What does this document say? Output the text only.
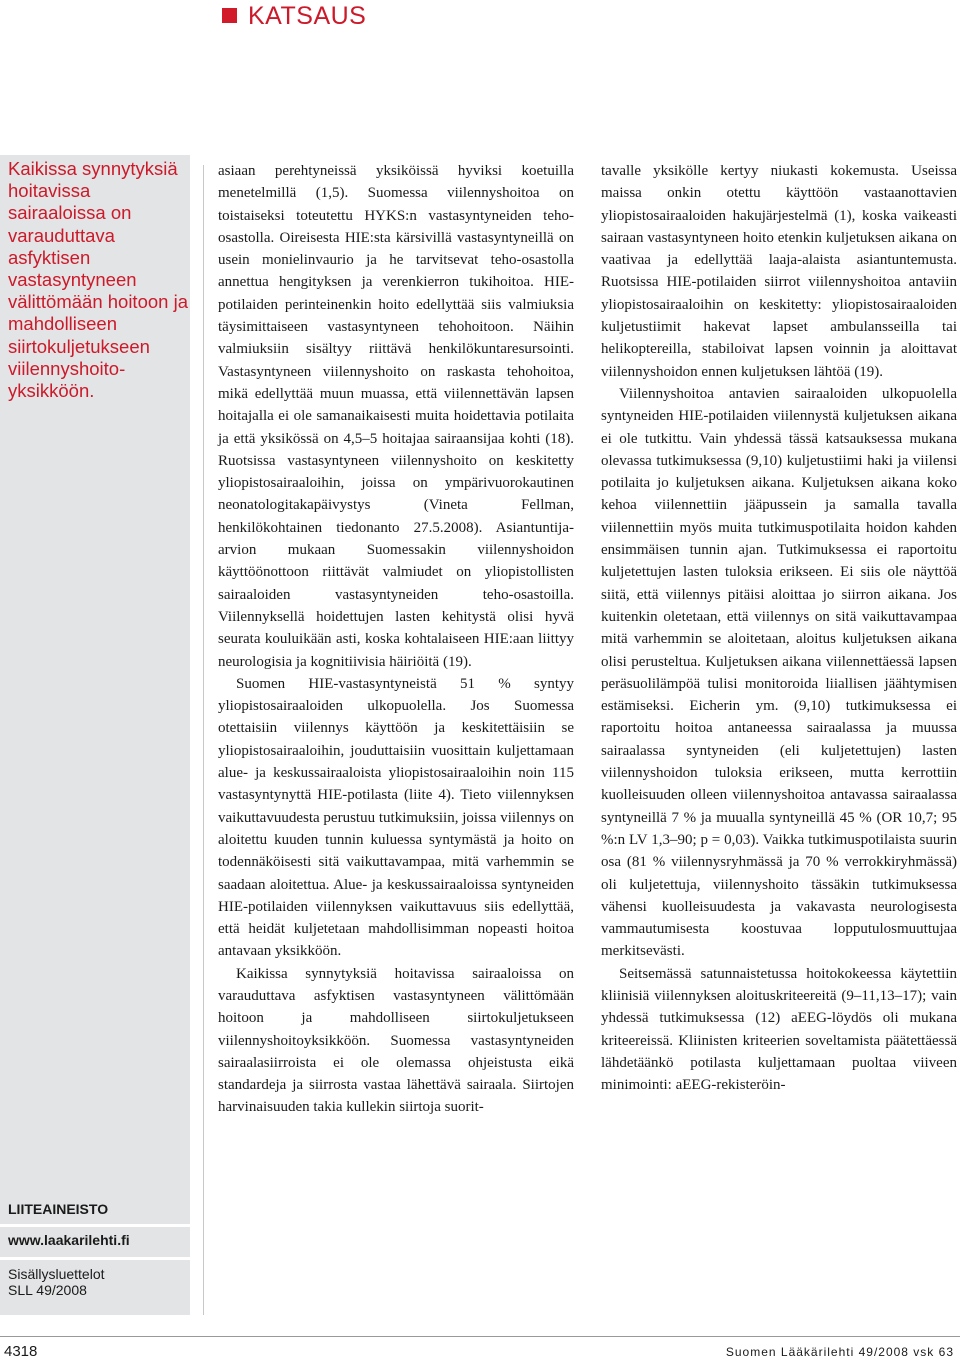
KATSAUS

Kaikissa synnytyksiä hoitavissa sairaaloissa on varauduttava asfyktisen vastasyntyneen välittömään hoitoon ja mahdolliseen siirtokuljetukseen viilennyshoitoyksikköön.

LIITEAINEISTO
www.laakarilehti.fi
Sisällysluettelot
SLL 49/2008

asiaan perehtyneissä yksiköissä hyviksi koetuilla menetelmillä (1,5). Suomessa viilennyshoitoa on toistaiseksi toteutettu HYKS:n vastasyntyneiden teho-osastolla. Oireisesta HIE:sta kärsivillä vastasyntyneillä on usein monielinvaurio ja he tarvitsevat teho-osastolla annettua hengityksen ja verenkierron tukihoitoa. HIE-potilaiden perinteinenkin hoito edellyttää siis valmiuksia täysimittaiseen vastasyntyneen tehohoitoon. Näihin valmiuksiin sisältyy riittävä henkilökuntaresursointi. Vastasyntyneen viilennyshoito on raskasta tehohoitoa, mikä edellyttää muun muassa, että viilennettävän lapsen hoitajalla ei ole samanaikaisesti muita hoidettavia potilaita ja että yksikössä on 4,5–5 hoitajaa sairaansijaa kohti (18). Ruotsissa vastasyntyneen viilennyshoito on keskitetty yliopistosairaaloihin, joissa on ympärivuorokautinen neonatologitakapäivystys (Vineta Fellman, henkilökohtainen tiedonanto 27.5.2008). Asiantuntija-arvion mukaan Suomessakin viilennyshoidon käyttöönottoon riittävät valmiudet on yliopistollisten sairaaloiden vastasyntyneiden teho-osastoilla. Viilennyksellä hoidettujen lasten kehitystä olisi hyvä seurata kouluikään asti, koska kohtalaiseen HIE:aan liittyy neurologisia ja kognitiivisia häiriöitä (19).

Suomen HIE-vastasyntyneistä 51 % syntyy yliopistosairaaloiden ulkopuolella. Jos Suomessa otettaisiin viilennys käyttöön ja keskitettäisiin se yliopistosairaaloihin, jouduttaisiin vuosittain kuljettamaan alue- ja keskussairaaloista yliopistosairaaloihin noin 115 vastasyntynyttä HIE-potilasta (liite 4). Tieto viilennyksen vaikuttavuudesta perustuu tutkimuksiin, joissa viilennys on aloitettu kuuden tunnin kuluessa syntymästä ja hoito on todennäköisesti sitä vaikuttavampaa, mitä varhemmin se saadaan aloitettua. Alue- ja keskussairaaloissa syntyneiden HIE-potilaiden viilennyksen vaikuttavuus siis edellyttää, että heidät kuljetetaan mahdollisimman nopeasti hoitoa antavaan yksikköön.

Kaikissa synnytyksiä hoitavissa sairaaloissa on varauduttava asfyktisen vastasyntyneen välittömään hoitoon ja mahdolliseen siirtokuljetukseen viilennyshoitoyksikköön. Suomessa vastasyntyneiden sairaalasiirroista ei ole olemassa ohjeistusta eikä standardeja ja siirrosta vastaa lähettävä sairaala. Siirtojen harvinaisuuden takia kullekin siirtoja suorit-

tavalle yksikölle kertyy niukasti kokemusta. Useissa maissa onkin otettu käyttöön vastaanottavien yliopistosairaaloiden hakujärjestelmä (1), koska vaikeasti sairaan vastasyntyneen hoito etenkin kuljetuksen aikana on vaativaa ja edellyttää laaja-alaista asiantuntemusta. Ruotsissa HIE-potilaiden siirrot viilennyshoitoa antaviin yliopistosairaaloihin on keskitetty: yliopistosairaaloiden kuljetustiimit hakevat lapset ambulansseilla tai helikoptereilla, stabiloivat lapsen voinnin ja aloittavat viilennyshoidon ennen kuljetuksen lähtöä (19).

Viilennyshoitoa antavien sairaaloiden ulkopuolella syntyneiden HIE-potilaiden viilennystä kuljetuksen aikana ei ole tutkittu. Vain yhdessä tässä katsauksessa mukana olevassa tutkimuksessa (9,10) kuljetustiimi haki ja viilensi potilaita jo kuljetuksen aikana. Kuljetuksen aikana koko kehoa viilennettiin jääpussein ja samalla tavalla viilennettiin myös muita tutkimuspotilaita hoidon kahden ensimmäisen tunnin ajan. Tutkimuksessa ei raportoitu kuljetettujen lasten tuloksia erikseen. Ei siis ole näyttöä siitä, että viilennys pitäisi aloittaa jo siirron aikana. Jos kuitenkin oletetaan, että viilennys on sitä vaikuttavampaa mitä varhemmin se aloitetaan, aloitus kuljetuksen aikana olisi perusteltua. Kuljetuksen aikana viilennettäessä lapsen peräsuolilämpöä tulisi monitoroida liiallisen jäähtymisen estämiseksi. Eicherin ym. (9,10) tutkimuksessa ei raportoitu hoitoa antaneessa sairaalassa ja muussa sairaalassa syntyneiden (eli kuljetettujen) lasten viilennyshoidon tuloksia erikseen, mutta kerrottiin kuolleisuuden olleen viilennyshoitoa antavassa sairaalassa syntyneillä 7 % ja muualla syntyneillä 45 % (OR 10,7; 95 %:n LV 1,3–90; p = 0,03). Vaikka tutkimuspotilaista suurin osa (81 % viilennysryhmässä ja 70 % verrokkiryhmässä) oli kuljetettuja, viilennyshoito tässäkin tutkimuksessa vähensi kuolleisuudesta ja vakavasta neurologisesta vammautumisesta koostuvaa lopputulosmuuttujaa merkitsevästi.

Seitsemässä satunnaistetussa hoitokokeessa käytettiin kliinisiä viilennyksen aloituskriteereitä (9–11,13–17); vain yhdessä tutkimuksessa (12) aEEG-löydös oli mukana kriteereissä. Kliinisten kriteerien soveltamista päätettäessä lähdetäänkö potilasta kuljettamaan puoltaa viiveen minimointi: aEEG-rekisteröin-

4318	Suomen Lääkärilehti 49/2008 vsk 63
